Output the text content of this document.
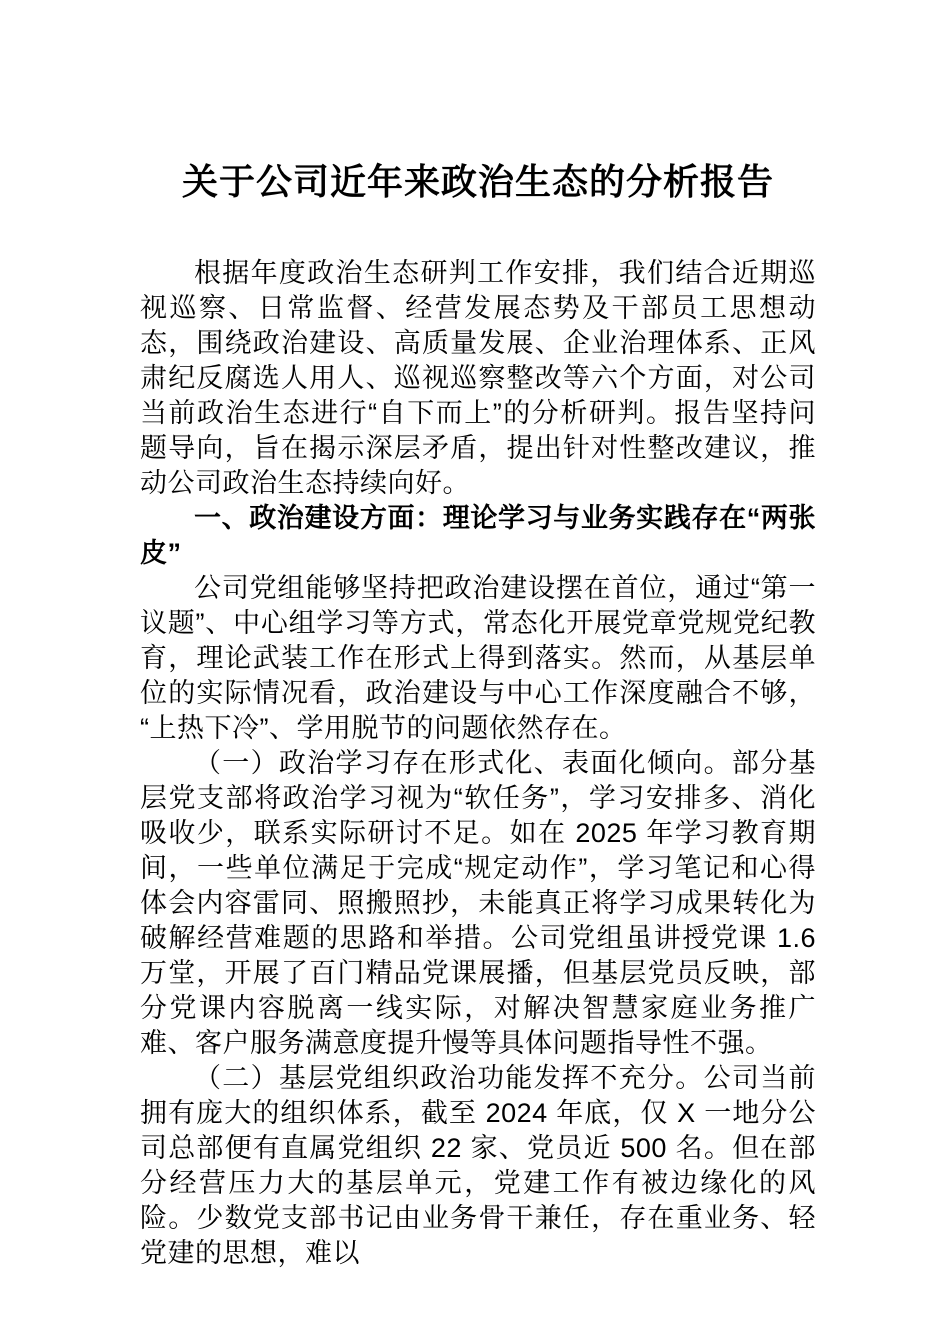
关于公司近年来政治生态的分析报告

根据年度政治生态研判工作安排，我们结合近期巡视巡察、日常监督、经营发展态势及干部员工思想动态，围绕政治建设、高质量发展、企业治理体系、正风肃纪反腐选人用人、巡视巡察整改等六个方面，对公司当前政治生态进行“自下而上”的分析研判。报告坚持问题导向，旨在揭示深层矛盾，提出针对性整改建议，推动公司政治生态持续向好。

一、政治建设方面：理论学习与业务实践存在“两张皮”

公司党组能够坚持把政治建设摆在首位，通过“第一议题”、中心组学习等方式，常态化开展党章党规党纪教育，理论武装工作在形式上得到落实。然而，从基层单位的实际情况看，政治建设与中心工作深度融合不够，“上热下冷”、学用脱节的问题依然存在。

（一）政治学习存在形式化、表面化倾向。部分基层党支部将政治学习视为“软任务”，学习安排多、消化吸收少，联系实际研讨不足。如在 2025 年学习教育期间，一些单位满足于完成“规定动作”，学习笔记和心得体会内容雷同、照搬照抄，未能真正将学习成果转化为破解经营难题的思路和举措。公司党组虽讲授党课 1.6 万堂，开展了百门精品党课展播，但基层党员反映，部分党课内容脱离一线实际，对解决智慧家庭业务推广难、客户服务满意度提升慢等具体问题指导性不强。

（二）基层党组织政治功能发挥不充分。公司当前拥有庞大的组织体系，截至 2024 年底，仅 X 一地分公司总部便有直属党组织 22 家、党员近 500 名。但在部分经营压力大的基层单元，党建工作有被边缘化的风险。少数党支部书记由业务骨干兼任，存在重业务、轻党建的思想，难以
